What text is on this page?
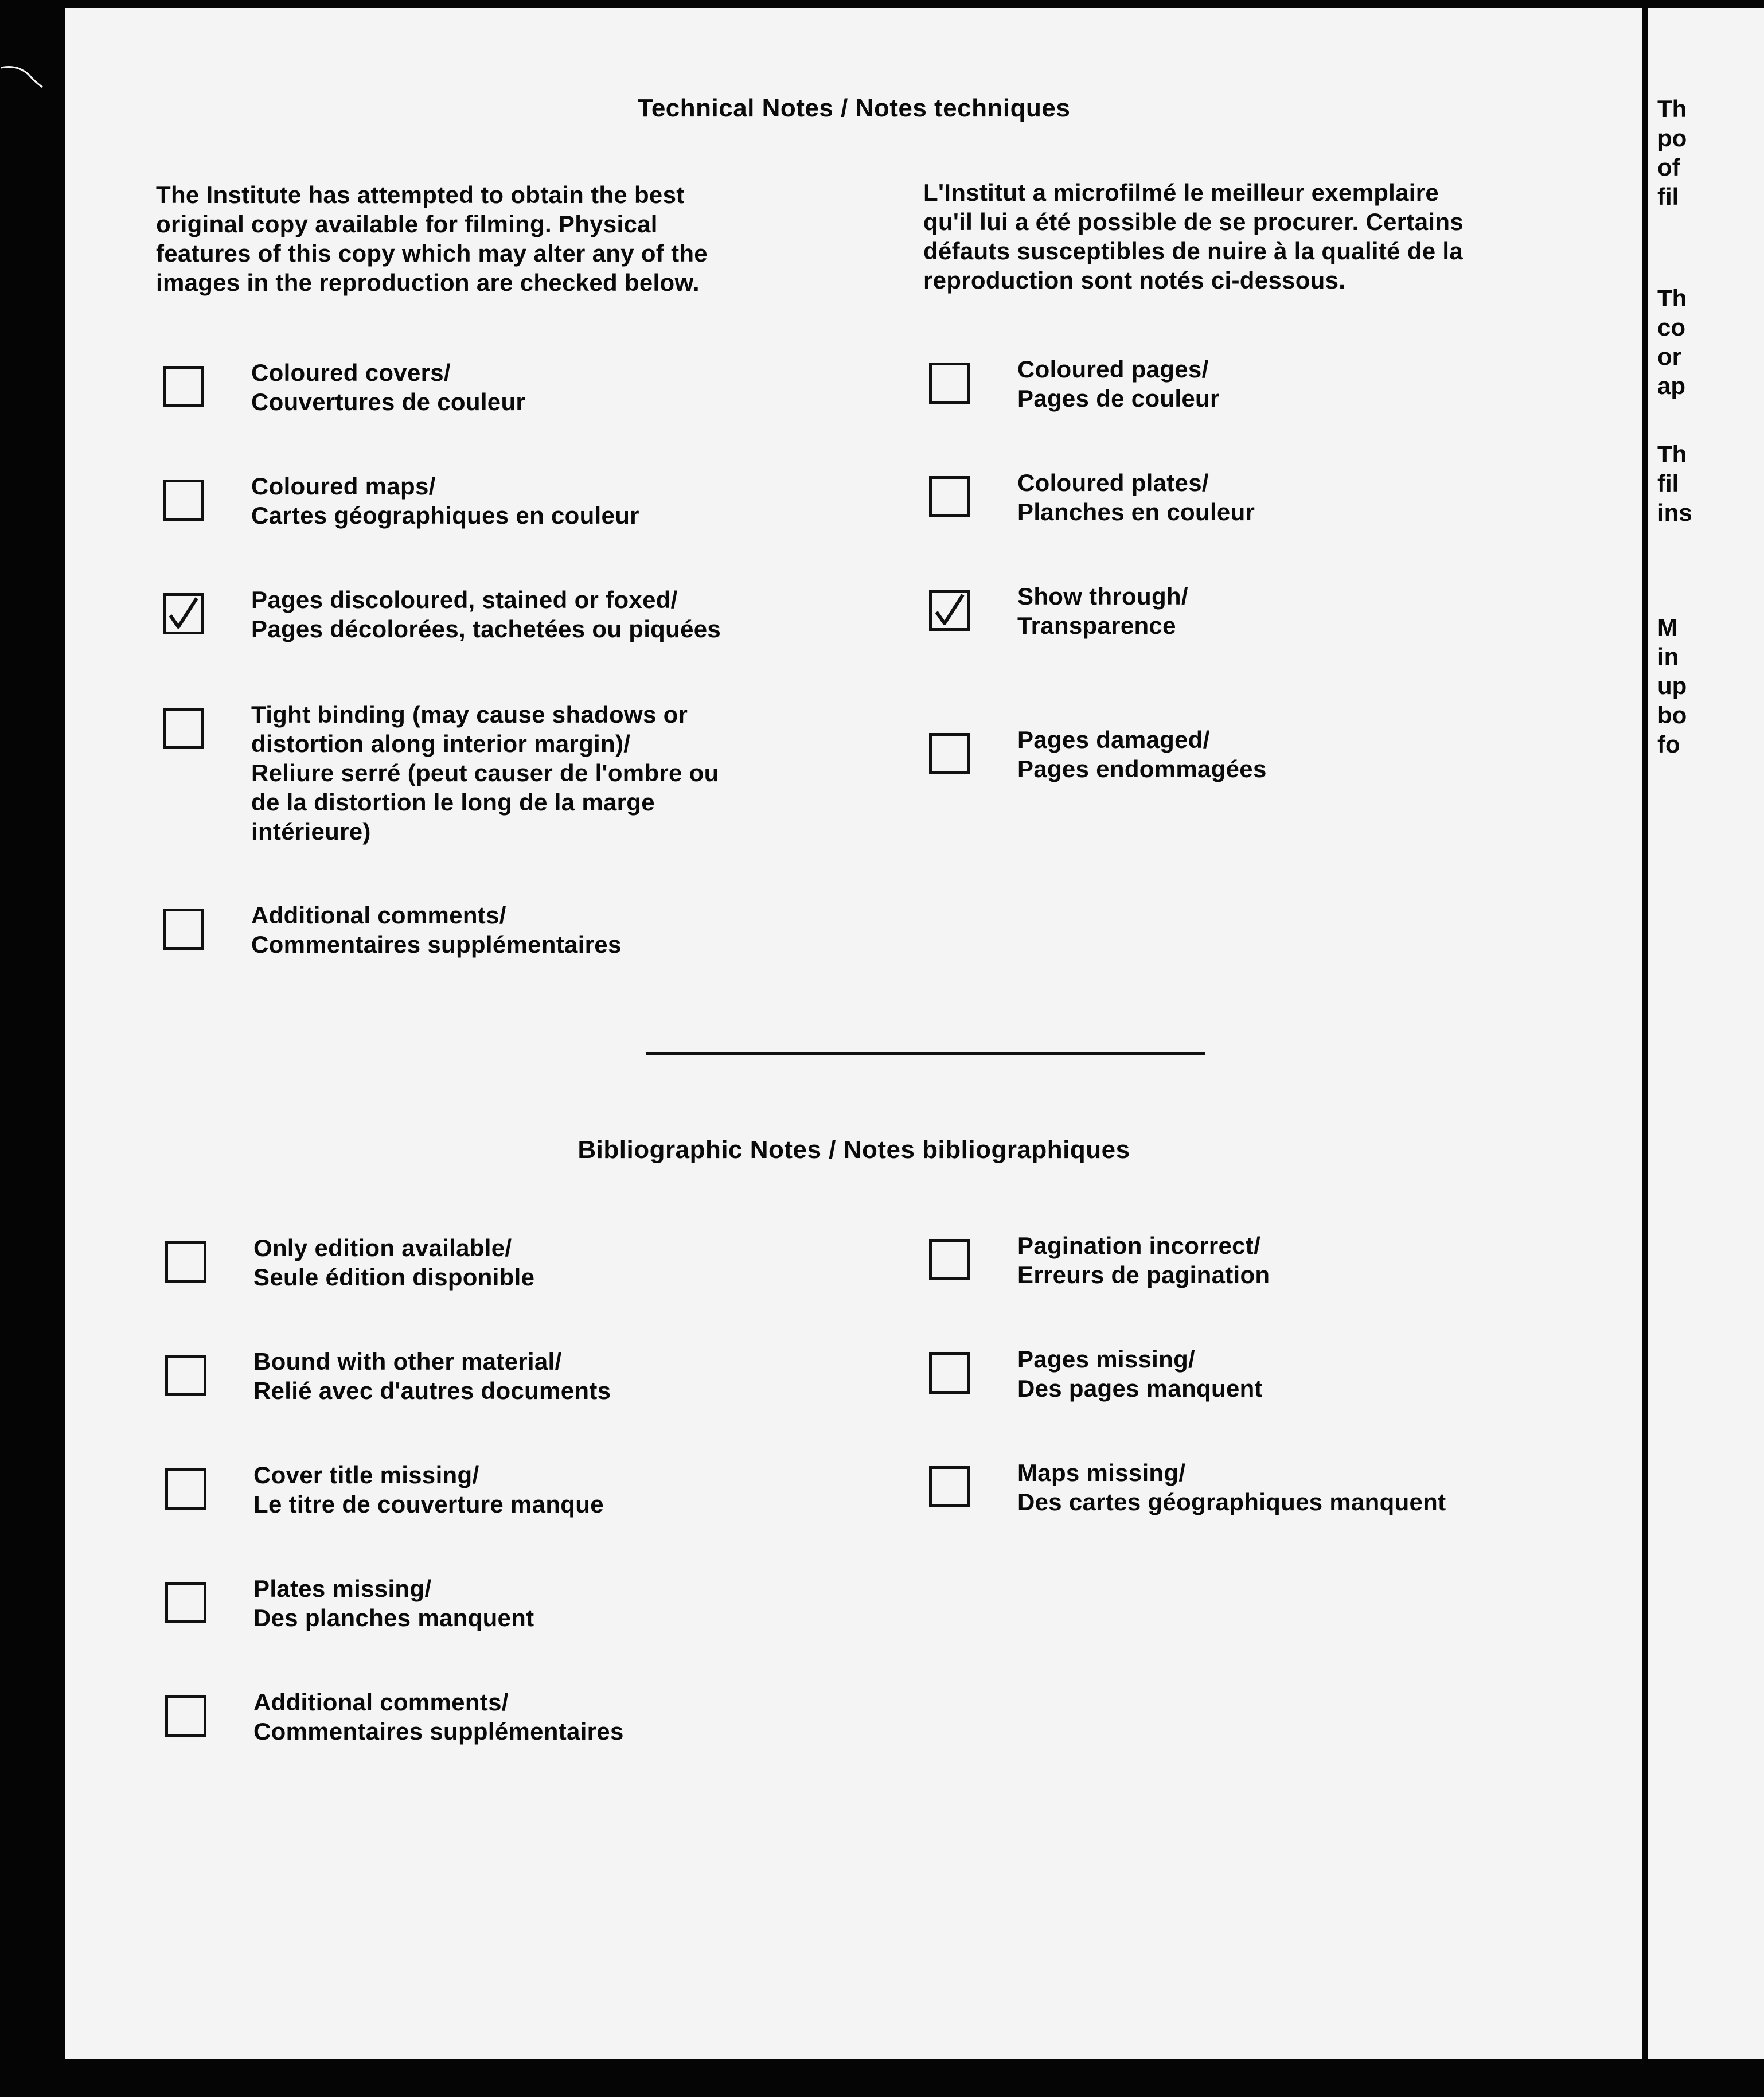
Technical Notes / Notes techniques
The Institute has attempted to obtain the best
original copy available for filming. Physical
features of this copy which may alter any of the
images in the reproduction are checked below.
L'Institut a microfilmé le meilleur exemplaire
qu'il lui a été possible de se procurer. Certains
défauts susceptibles de nuire à la qualité de la
reproduction sont notés ci-dessous.
Coloured covers/
Couvertures de couleur
Coloured maps/
Cartes géographiques en couleur
Pages discoloured, stained or foxed/
Pages décolorées, tachetées ou piquées
Tight binding (may cause shadows or
distortion along interior margin)/
Reliure serré (peut causer de l'ombre ou
de la distortion le long de la marge
intérieure)
Additional comments/
Commentaires supplémentaires
Coloured pages/
Pages de couleur
Coloured plates/
Planches en couleur
Show through/
Transparence
Pages damaged/
Pages endommagées
Bibliographic Notes / Notes bibliographiques
Only edition available/
Seule édition disponible
Bound with other material/
Relié avec d'autres documents
Cover title missing/
Le titre de couverture manque
Plates missing/
Des planches manquent
Additional comments/
Commentaires supplémentaires
Pagination incorrect/
Erreurs de pagination
Pages missing/
Des pages manquent
Maps missing/
Des cartes géographiques manquent
Th
po
of
fil
Th
co
or
ap
Th
fil
ins
M
in
up
bo
fo
